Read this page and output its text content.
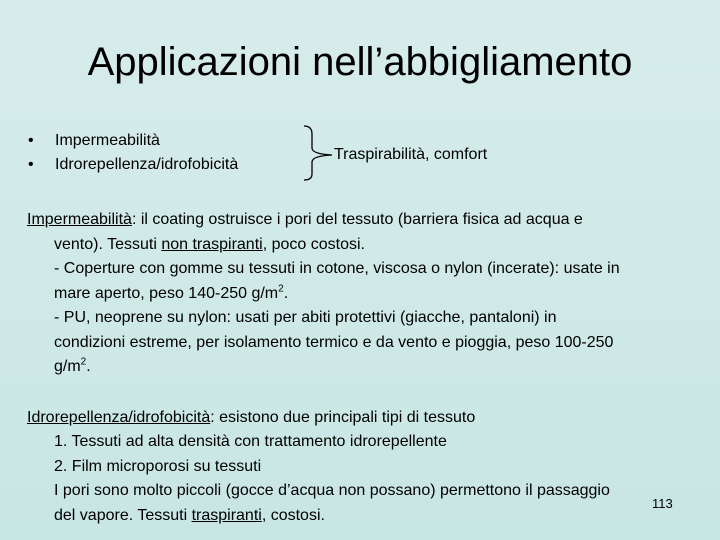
Applicazioni nell’abbigliamento
•	Impermeabilità
•	Idrorepellenza/idrofobicità
Traspirabilità, comfort

Impermeabilità: il coating ostruisce i pori del tessuto (barriera fisica ad acqua e

vento). Tessuti non traspiranti, poco costosi.

- Coperture con gomme su tessuti in cotone, viscosa o nylon (incerate): usate in

mare aperto, peso 140-250 $g/m^2$.

- PU, neoprene su nylon: usati per abiti protettivi (giacche, pantaloni) in

condizioni estreme, per isolamento termico e da vento e pioggia, peso 100-250

$g/m^2$.

Idrorepellenza/idrofobicità: esistono due principali tipi di tessuto

1. Tessuti ad alta densità con trattamento idrorepellente

2. Film microporosi su tessuti

I pori sono molto piccoli (gocce d’acqua non possano) permettono il passaggio

del vapore. Tessuti traspiranti, costosi.

113
